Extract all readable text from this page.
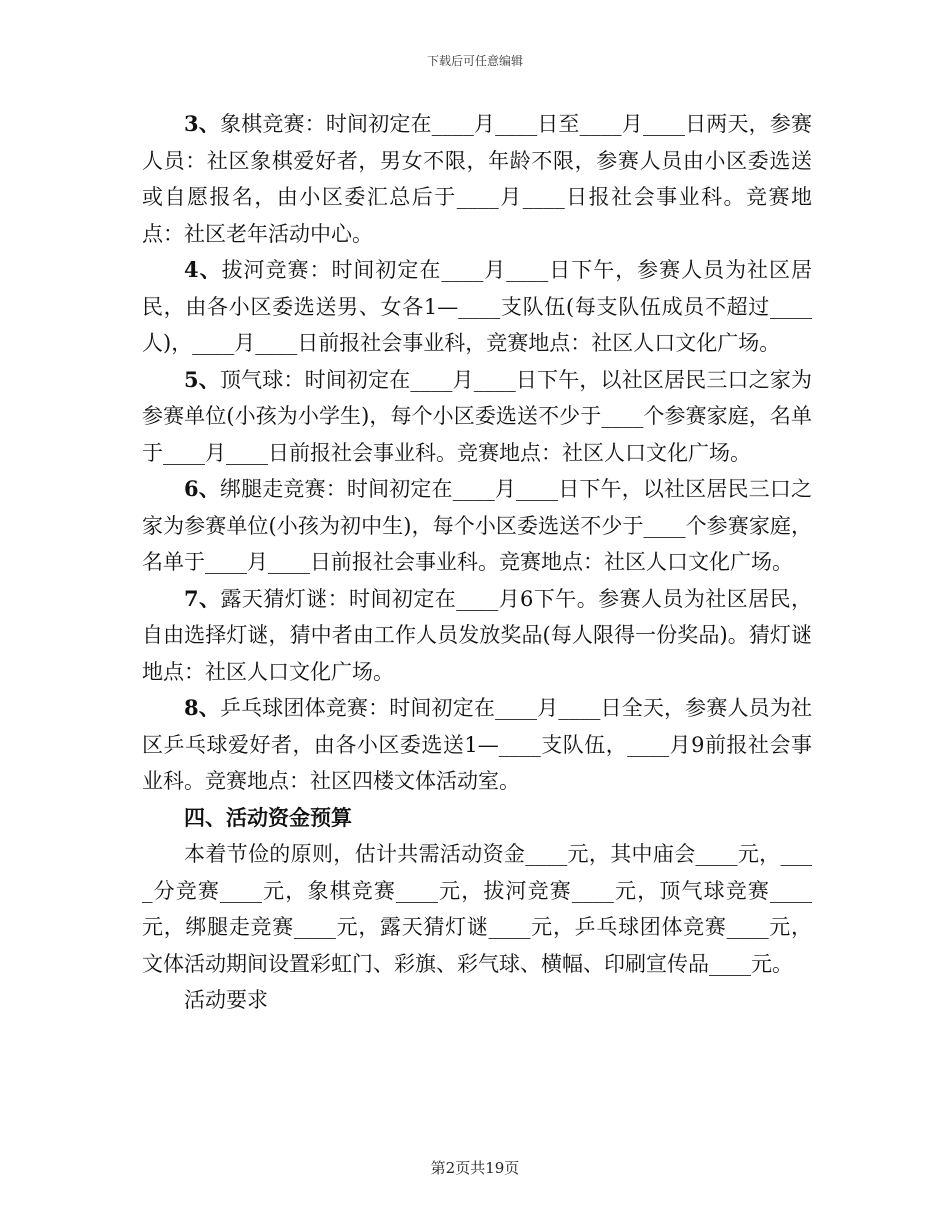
下载后可任意编辑

3、象棋竞赛：时间初定在____月____日至____月____日两天，参赛人员：社区象棋爱好者，男女不限，年龄不限，参赛人员由小区委选送或自愿报名，由小区委汇总后于____月____日报社会事业科。竞赛地点：社区老年活动中心。

4、拔河竞赛：时间初定在____月____日下午，参赛人员为社区居民，由各小区委选送男、女各1—____支队伍(每支队伍成员不超过____人)，____月____日前报社会事业科，竞赛地点：社区人口文化广场。

5、顶气球：时间初定在____月____日下午，以社区居民三口之家为参赛单位(小孩为小学生)，每个小区委选送不少于____个参赛家庭，名单于____月____日前报社会事业科。竞赛地点：社区人口文化广场。

6、绑腿走竞赛：时间初定在____月____日下午，以社区居民三口之家为参赛单位(小孩为初中生)，每个小区委选送不少于____个参赛家庭，名单于____月____日前报社会事业科。竞赛地点：社区人口文化广场。

7、露天猜灯谜：时间初定在____月6下午。参赛人员为社区居民，自由选择灯谜，猜中者由工作人员发放奖品(每人限得一份奖品)。猜灯谜地点：社区人口文化广场。

8、乒乓球团体竞赛：时间初定在____月____日全天，参赛人员为社区乒乓球爱好者，由各小区委选送1—____支队伍，____月9前报社会事业科。竞赛地点：社区四楼文体活动室。

四、活动资金预算

本着节俭的原则，估计共需活动资金____元，其中庙会____元，____分竞赛____元，象棋竞赛____元，拔河竞赛____元，顶气球竞赛____元，绑腿走竞赛____元，露天猜灯谜____元，乒乓球团体竞赛____元，文体活动期间设置彩虹门、彩旗、彩气球、横幅、印刷宣传品____元。

活动要求

第2页共19页
